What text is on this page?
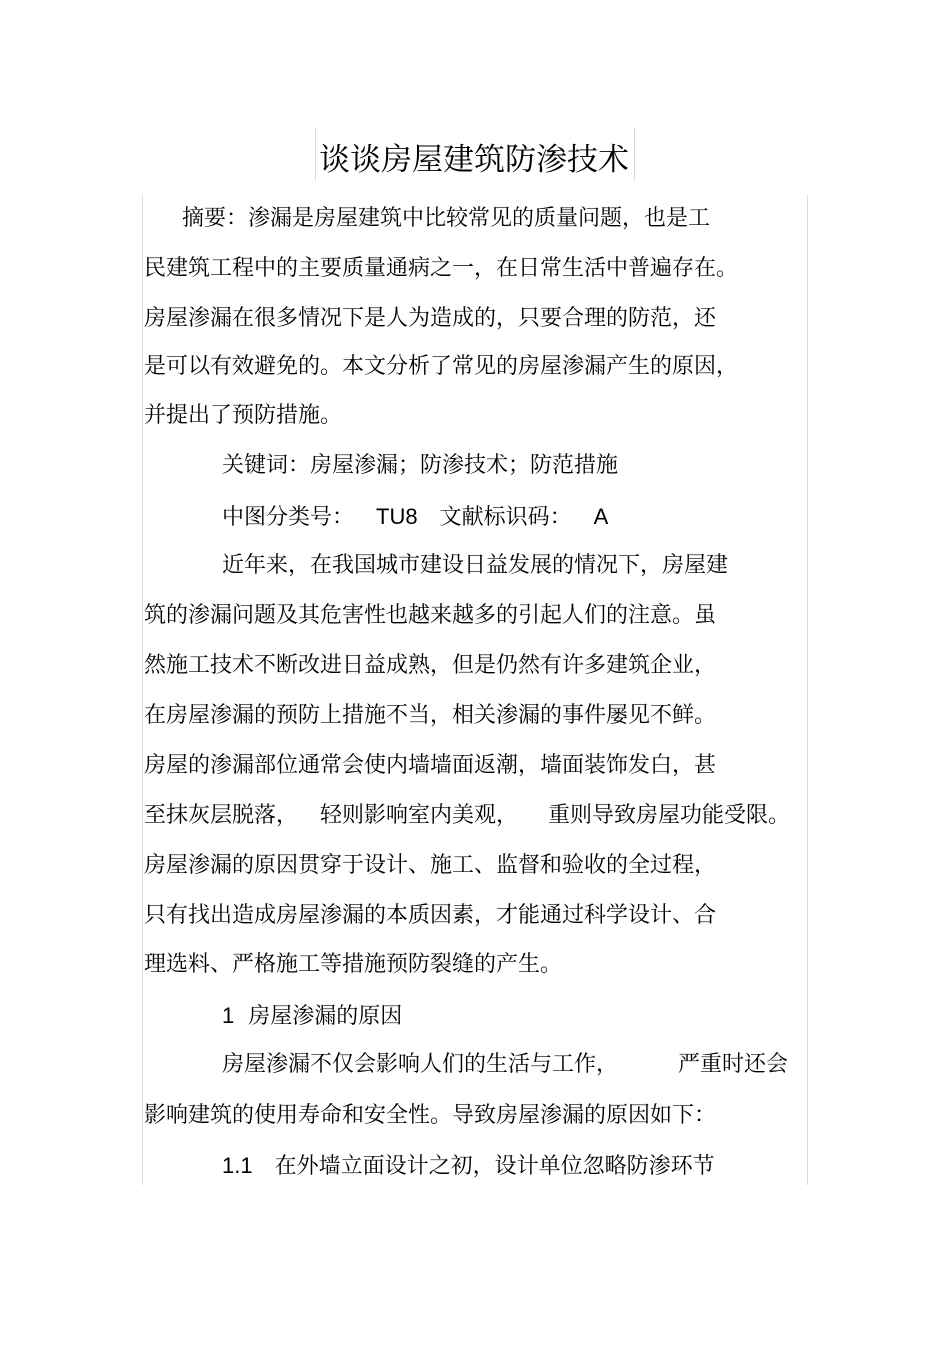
谈谈房屋建筑防渗技术
摘要：渗漏是房屋建筑中比较常见的质量问题，也是工
民建筑工程中的主要质量通病之一，在日常生活中普遍存在。
房屋渗漏在很多情况下是人为造成的，只要合理的防范，还
是可以有效避免的。本文分析了常见的房屋渗漏产生的原因，
并提出了预防措施。
关键词：房屋渗漏；防渗技术；防范措施
中图分类号： TU8 文献标识码： A
近年来，在我国城市建设日益发展的情况下，房屋建
筑的渗漏问题及其危害性也越来越多的引起人们的注意。虽
然施工技术不断改进日益成熟，但是仍然有许多建筑企业，
在房屋渗漏的预防上措施不当，相关渗漏的事件屡见不鲜。
房屋的渗漏部位通常会使内墙墙面返潮，墙面装饰发白，甚
至抹灰层脱落， 轻则影响室内美观， 重则导致房屋功能受限。
房屋渗漏的原因贯穿于设计、施工、监督和验收的全过程，
只有找出造成房屋渗漏的本质因素，才能通过科学设计、合
理选料、严格施工等措施预防裂缝的产生。
1 房屋渗漏的原因
房屋渗漏不仅会影响人们的生活与工作，	严重时还会
影响建筑的使用寿命和安全性。导致房屋渗漏的原因如下：
1.1 在外墙立面设计之初，设计单位忽略防渗环节
